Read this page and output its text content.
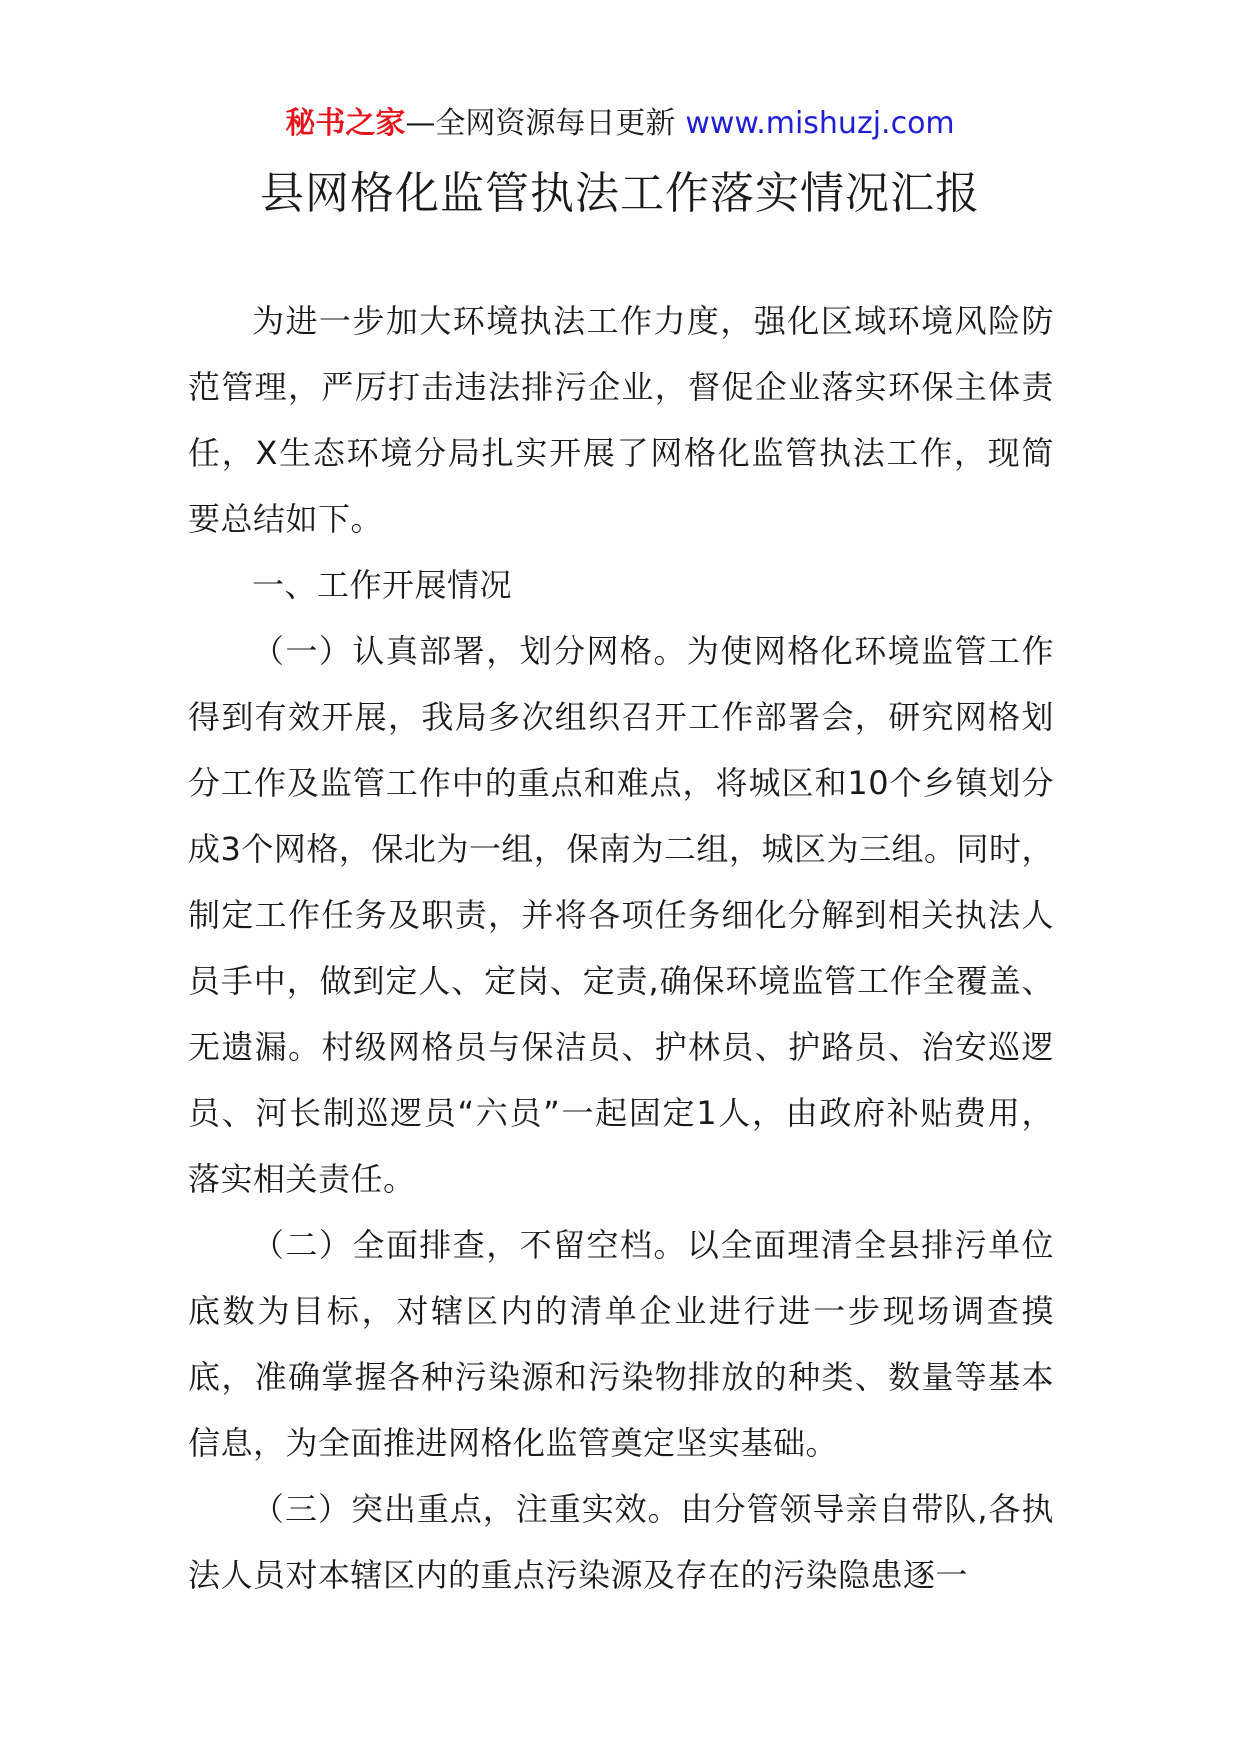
秘书之家—全网资源每日更新 www.mishuzj.com
县网格化监管执法工作落实情况汇报

为进一步加大环境执法工作力度，强化区域环境风险防范管理，严厉打击违法排污企业，督促企业落实环保主体责任，X生态环境分局扎实开展了网格化监管执法工作，现简要总结如下。

一、工作开展情况

（一）认真部署，划分网格。为使网格化环境监管工作得到有效开展，我局多次组织召开工作部署会，研究网格划分工作及监管工作中的重点和难点，将城区和10个乡镇划分成3个网格，保北为一组，保南为二组，城区为三组。同时，制定工作任务及职责，并将各项任务细化分解到相关执法人员手中，做到定人、定岗、定责,确保环境监管工作全覆盖、无遗漏。村级网格员与保洁员、护林员、护路员、治安巡逻员、河长制巡逻员“六员”一起固定1人，由政府补贴费用，落实相关责任。

（二）全面排查，不留空档。以全面理清全县排污单位底数为目标，对辖区内的清单企业进行进一步现场调查摸底，准确掌握各种污染源和污染物排放的种类、数量等基本信息，为全面推进网格化监管奠定坚实基础。

（三）突出重点，注重实效。由分管领导亲自带队,各执法人员对本辖区内的重点污染源及存在的污染隐患逐一
